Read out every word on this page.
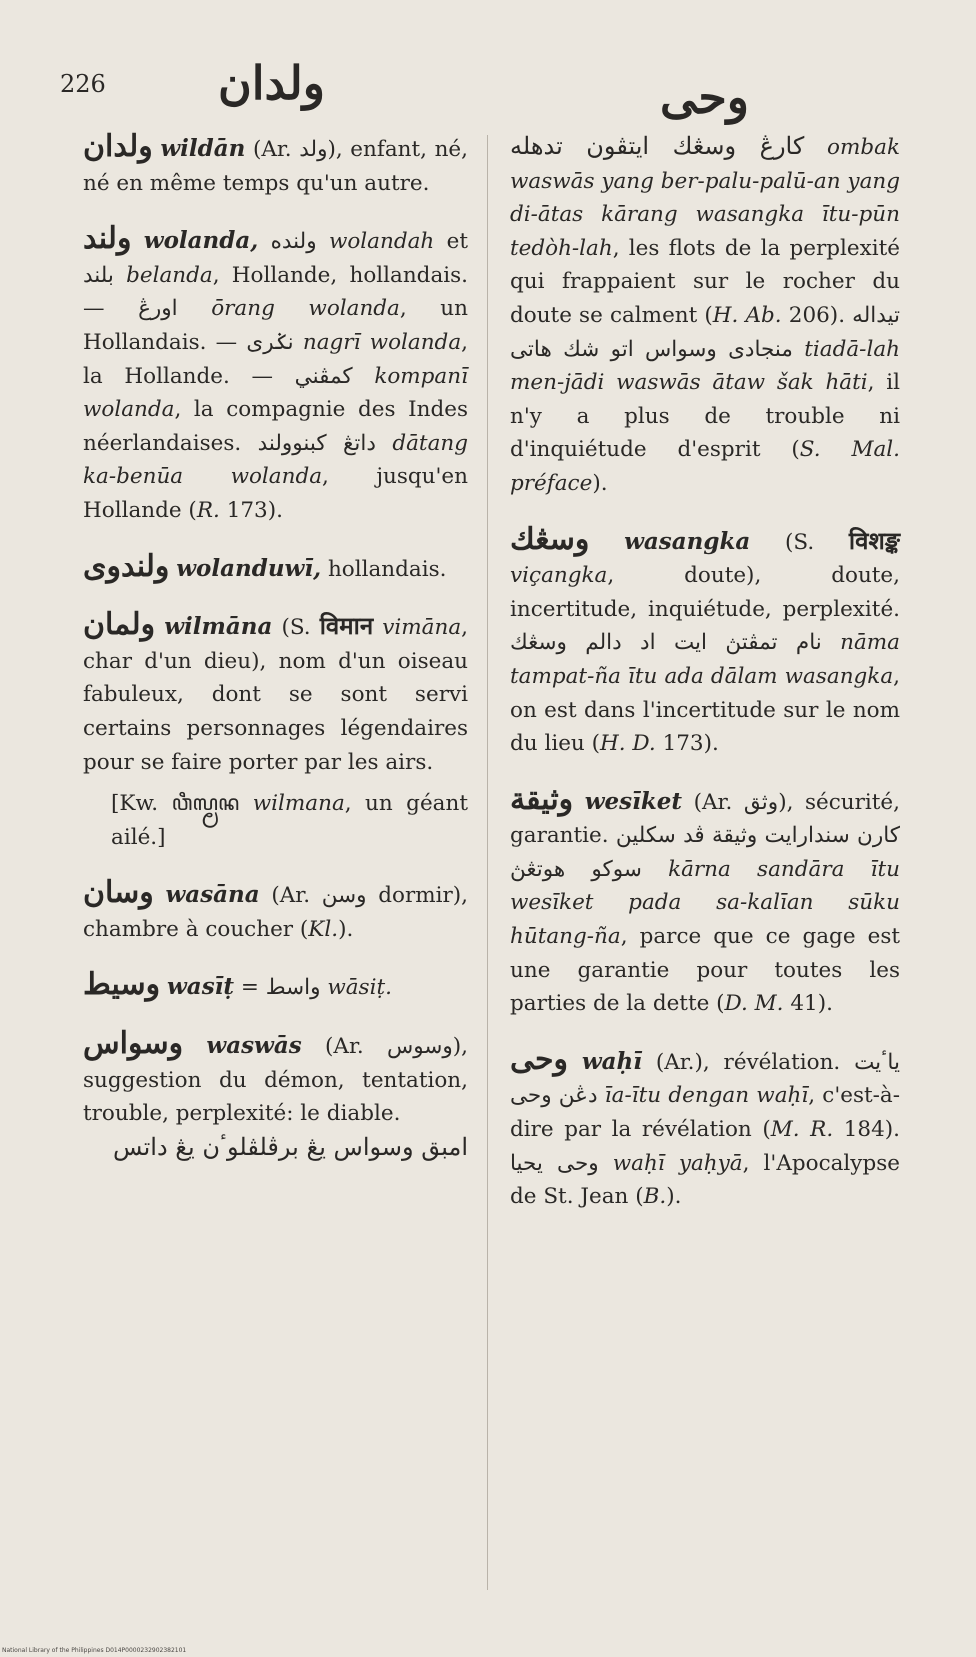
226 ولدان	وحى

ولدان wildān (Ar. ولد), enfant, né, né en même temps qu'un autre.

ولند wolanda, ولنده wolandah et بلند belanda, Hollande, hollandais. — اورڠ ōrang wolanda, un Hollandais. — نݢرى nagrī wolanda, la Hollande. — كمڤني kompanī wolanda, la compagnie des Indes néerlandaises.	داتڠ كبنوولند	dātang ka-benūa wolanda, jusqu'en Hollande (R. 173).

ولندوى wolanduwī, hollandais.

ولمان wilmāna (S. विमान vimāna, char d'un dieu), nom d'un oiseau fabuleux, dont se sont servi certains personnages légendaires pour se faire porter par les airs.

[Kw. ꦮꦶꦭ꧀ꦩꦤ wilmana, un géant ailé.]

وسان wasāna (Ar. وسن dormir), chambre à coucher (Kl.).

وسيط wasīṭ = واسط wāsiṭ.

وسواس waswās (Ar. وسوس), suggestion du démon, tentation, trouble, perplexité: le diable.
امبق وسواس يڠ برڤلڤلوٴن يڠ داتس

كارڠ وسڠك ايتڤون تدهله ombak waswās yang ber-palu-palū-an yang di-ātas kārang wasangka ītu-pūn tedòh-lah, les flots de la perplexité qui frappaient sur le rocher du doute se calment (H. Ab. 206). تيداله منجادى وسواس اتو شك هاتى	tiadā-lah men-jādi waswās ātaw šak hāti, il n'y a plus de trouble ni d'inquiétude d'esprit (S. Mal. préface).

وسڠك wasangka (S. विशङ्क viçangka, doute), doute, incertitude, inquiétude, perplexité. نام تمڤتڽ ايت اد دالم وسڠك nāma tampat-ña ītu ada dālam wasangka, on est dans l'incertitude sur le nom du lieu (H. D. 173).

وثيقة wesīket (Ar. وثق), sécurité, garantie.	كارن سندارايت وثيقة ڤد سكلين سوكو هوتڠڽ kārna sandāra ītu wesīket pada sa-kalīan sūku hūtang-ña, parce que ce gage est une garantie pour toutes les parties de la dette (D. M. 41).

وحى waḥī (Ar.), révélation. ياٴيت دڠن وحى īa-ītu dengan waḥī, c'est-à-dire par la révélation (M. R. 184). وحى يحيا waḥī yaḥyā, l'Apocalypse de St. Jean (B.).

National Library of the Philippines D014P0000232902382101
